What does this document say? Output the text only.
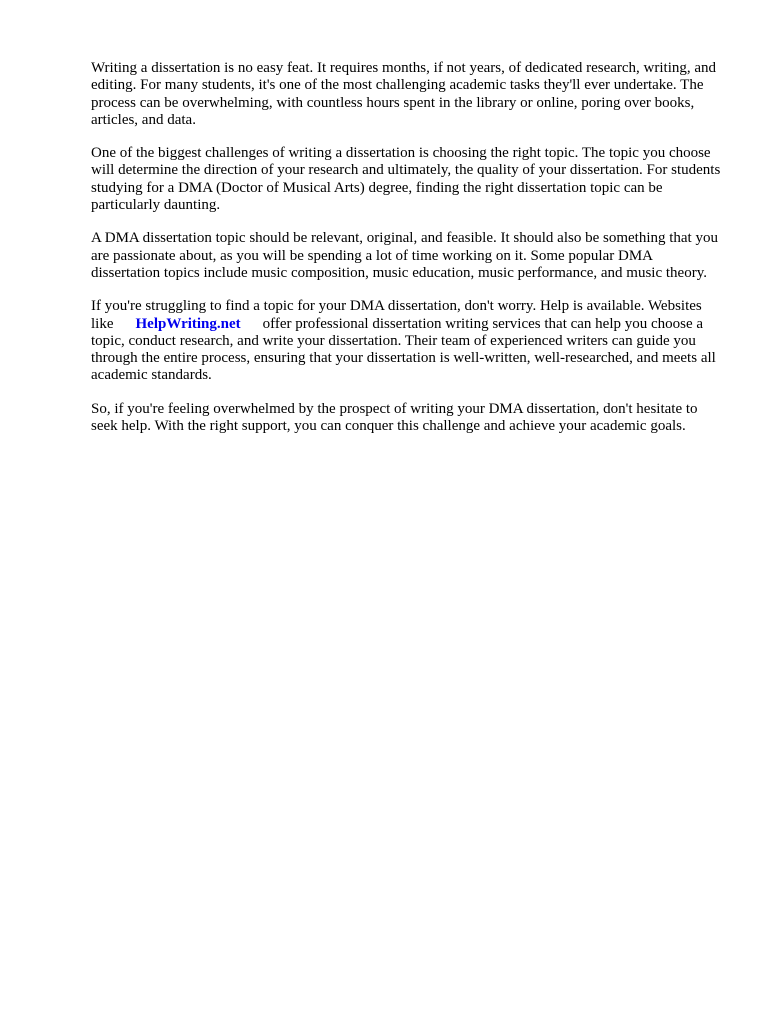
Writing a dissertation is no easy feat. It requires months, if not years, of dedicated research, writing, and editing. For many students, it's one of the most challenging academic tasks they'll ever undertake. The process can be overwhelming, with countless hours spent in the library or online, poring over books, articles, and data.

One of the biggest challenges of writing a dissertation is choosing the right topic. The topic you choose will determine the direction of your research and ultimately, the quality of your dissertation. For students studying for a DMA (Doctor of Musical Arts) degree, finding the right dissertation topic can be particularly daunting.

A DMA dissertation topic should be relevant, original, and feasible. It should also be something that you are passionate about, as you will be spending a lot of time working on it. Some popular DMA dissertation topics include music composition, music education, music performance, and music theory.

If you're struggling to find a topic for your DMA dissertation, don't worry. Help is available. Websites like HelpWriting.net offer professional dissertation writing services that can help you choose a topic, conduct research, and write your dissertation. Their team of experienced writers can guide you through the entire process, ensuring that your dissertation is well-written, well-researched, and meets all academic standards.

So, if you're feeling overwhelmed by the prospect of writing your DMA dissertation, don't hesitate to seek help. With the right support, you can conquer this challenge and achieve your academic goals.
